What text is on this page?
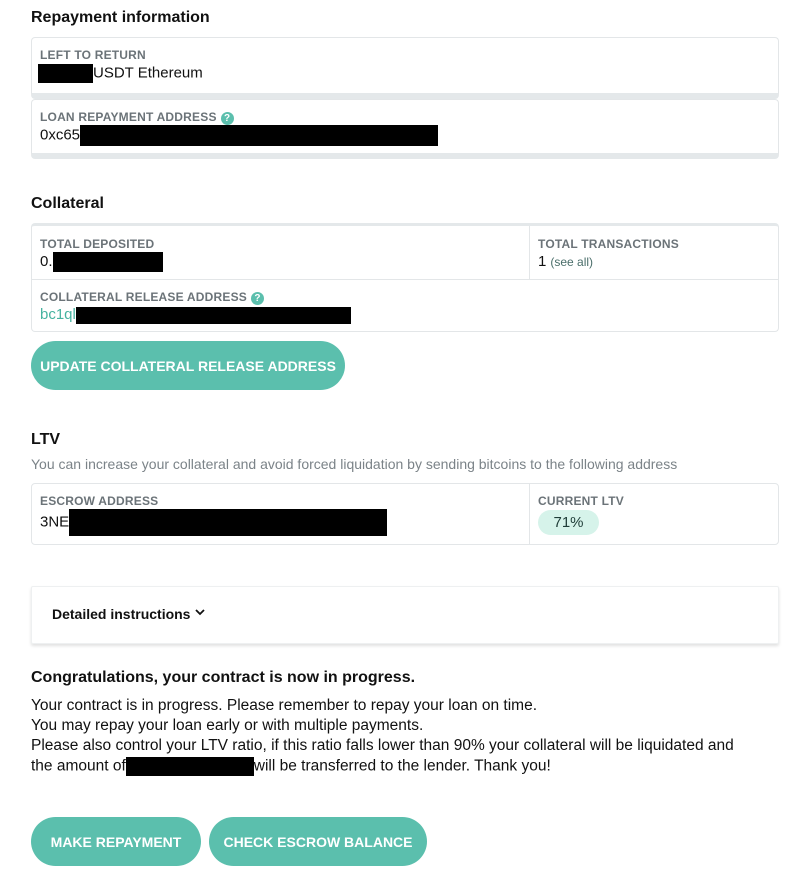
Repayment information
LEFT TO RETURN
USDT Ethereum
LOAN REPAYMENT ADDRESS ?
0xc65
Collateral
TOTAL DEPOSITED
0.
TOTAL TRANSACTIONS
1 (see all)
COLLATERAL RELEASE ADDRESS ?
bc1ql
UPDATE COLLATERAL RELEASE ADDRESS
LTV
You can increase your collateral and avoid forced liquidation by sending bitcoins to the following address
ESCROW ADDRESS
3NE
CURRENT LTV
71%
Detailed instructions
Congratulations, your contract is now in progress.
Your contract is in progress. Please remember to repay your loan on time.
You may repay your loan early or with multiple payments.
Please also control your LTV ratio, if this ratio falls lower than 90% your collateral will be liquidated and
the amount of	will be transferred to the lender. Thank you!
MAKE REPAYMENT	CHECK ESCROW BALANCE
